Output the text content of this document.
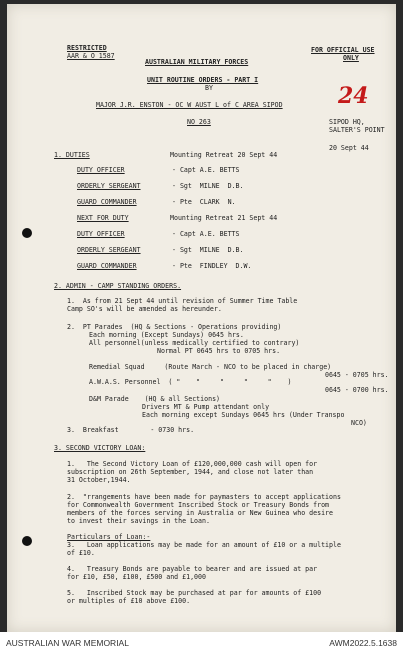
RESTRICTED
AAR & O 1587
AUSTRALIAN MILITARY FORCES
UNIT ROUTINE ORDERS - PART I
BY
MAJOR J.R. ENSTON - OC W AUST L of C AREA SIPOD
NO 263
FOR OFFICIAL USE
ONLY
24
SIPOD HQ,
SALTER'S POINT
20 Sept 44
1. DUTIES	Mounting Retreat 20 Sept 44
DUTY OFFICER	- Capt A.E. BETTS
ORDERLY SERGEANT	- Sgt  MILNE  D.B.
GUARD COMMANDER	- Pte  CLARK  N.
NEXT FOR DUTY	Mounting Retreat 21 Sept 44
DUTY OFFICER	- Capt A.E. BETTS
ORDERLY SERGEANT	- Sgt  MILNE  D.B.
GUARD COMMANDER	- Pte  FINDLEY  D.W.
2. ADMIN - CAMP STANDING ORDERS.
1.  As from 21 Sept 44 until revision of Summer Time Table
Camp SO's will be amended as hereunder.
2.  PT Parades  (HQ & Sections - Operations providing)
Each morning (Except Sundays) 0645 hrs.
All personnel(unless medically certified to contrary)
Normal PT 0645 hrs to 0705 hrs.
Remedial Squad     (Route March - NCO to be placed in charge)
0645 - 0705 hrs.
A.W.A.S. Personnel  ( "    "     "     "     "    )
0645 - 0700 hrs.
D&M Parade    (HQ & all Sections)
Drivers MT & Pump attendant only
Each morning except Sundays 0645 hrs (Under Transpo
NCO)
3.  Breakfast        - 0730 hrs.
3. SECOND VICTORY LOAN:
1.   The Second Victory Loan of £120,000,000 cash will open for
subscription on 26th September, 1944, and close not later than
31 October,1944.
2.  "rrangements have been made for paymasters to accept applications
for Commonwealth Government Inscribed Stock or Treasury Bonds from
members of the forces serving in Australia or New Guinea who desire
to invest their savings in the Loan.
Particulars of Loan:-
3.   Loan applications may be made for an amount of £10 or a multiple
of £10.
4.   Treasury Bonds are payable to bearer and are issued at par
for £10, £50, £100, £500 and £1,000
5.   Inscribed Stock may be purchased at par for amounts of £100
or multiples of £10 above £100.
AUSTRALIAN WAR MEMORIAL	AWM2022.5.1638
